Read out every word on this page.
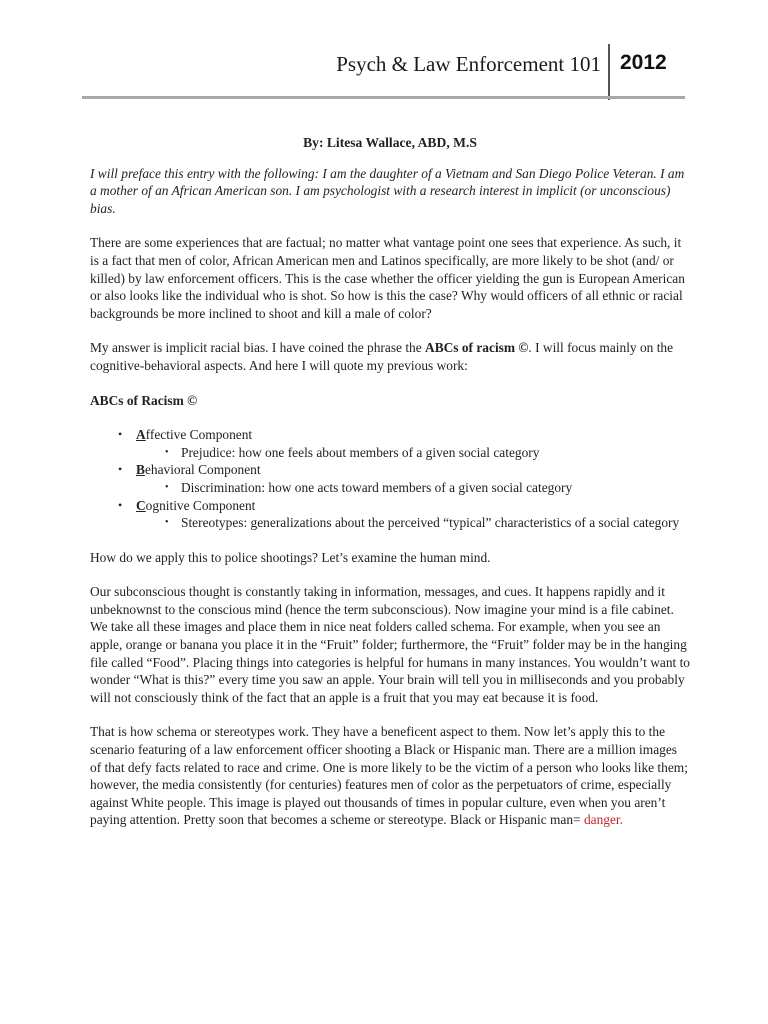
Psych & Law Enforcement 101 2012
By: Litesa Wallace, ABD, M.S

I will preface this entry with the following: I am the daughter of a Vietnam and San Diego Police Veteran. I am a mother of an African American son. I am psychologist with a research interest in implicit (or unconscious) bias.

There are some experiences that are factual; no matter what vantage point one sees that experience. As such, it is a fact that men of color, African American men and Latinos specifically, are more likely to be shot (and/ or killed) by law enforcement officers. This is the case whether the officer yielding the gun is European American or also looks like the individual who is shot. So how is this the case? Why would officers of all ethnic or racial backgrounds be more inclined to shoot and kill a male of color?

My answer is implicit racial bias. I have coined the phrase the ABCs of racism ©. I will focus mainly on the cognitive-behavioral aspects. And here I will quote my previous work:

ABCs of Racism ©
• Affective Component
• Prejudice: how one feels about members of a given social category
• Behavioral Component
• Discrimination: how one acts toward members of a given social category
• Cognitive Component
• Stereotypes: generalizations about the perceived “typical” characteristics of a social category

How do we apply this to police shootings? Let’s examine the human mind.

Our subconscious thought is constantly taking in information, messages, and cues. It happens rapidly and it unbeknownst to the conscious mind (hence the term subconscious). Now imagine your mind is a file cabinet. We take all these images and place them in nice neat folders called schema. For example, when you see an apple, orange or banana you place it in the “Fruit” folder; furthermore, the “Fruit” folder may be in the hanging file called “Food”. Placing things into categories is helpful for humans in many instances. You wouldn’t want to wonder “What is this?” every time you saw an apple. Your brain will tell you in milliseconds and you probably will not consciously think of the fact that an apple is a fruit that you may eat because it is food.

That is how schema or stereotypes work. They have a beneficent aspect to them. Now let’s apply this to the scenario featuring of a law enforcement officer shooting a Black or Hispanic man. There are a million images of that defy facts related to race and crime. One is more likely to be the victim of a person who looks like them; however, the media consistently (for centuries) features men of color as the perpetuators of crime, especially against White people. This image is played out thousands of times in popular culture, even when you aren’t paying attention. Pretty soon that becomes a scheme or stereotype. Black or Hispanic man= danger.
